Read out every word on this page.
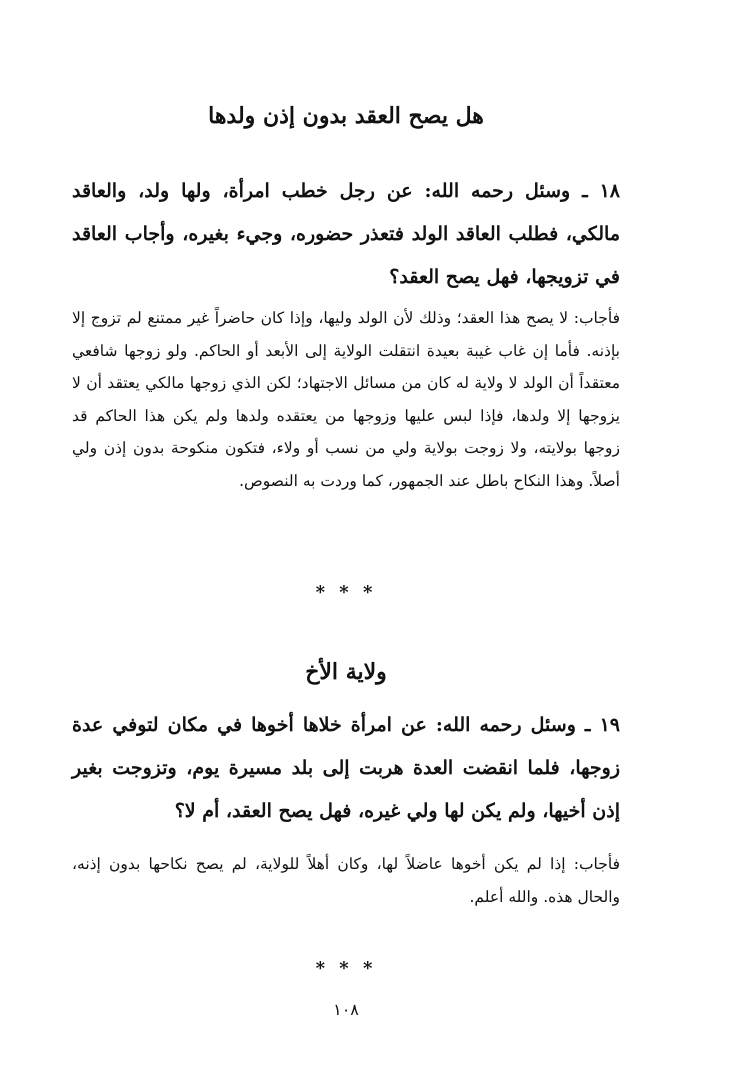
هل يصح العقد بدون إذن ولدها
١٨ ـ وسئل رحمه الله: عن رجل خطب امرأة، ولها ولد، والعاقد مالكي، فطلب العاقد الولد فتعذر حضوره، وجيء بغيره، وأجاب العاقد في تزويجها، فهل يصح العقد؟
فأجاب: لا يصح هذا العقد؛ وذلك لأن الولد وليها، وإذا كان حاضراً غير ممتنع لم تزوج إلا بإذنه. فأما إن غاب غيبة بعيدة انتقلت الولاية إلى الأبعد أو الحاكم. ولو زوجها شافعي معتقداً أن الولد لا ولاية له كان من مسائل الاجتهاد؛ لكن الذي زوجها مالكي يعتقد أن لا يزوجها إلا ولدها، فإذا لبس عليها وزوجها من يعتقده ولدها ولم يكن هذا الحاكم قد زوجها بولايته، ولا زوجت بولاية ولي من نسب أو ولاء، فتكون منكوحة بدون إذن ولي أصلاً. وهذا النكاح باطل عند الجمهور، كما وردت به النصوص.
* * *
ولاية الأخ
١٩ ـ وسئل رحمه الله: عن امرأة خلاها أخوها في مكان لتوفي عدة زوجها، فلما انقضت العدة هربت إلى بلد مسيرة يوم، وتزوجت بغير إذن أخيها، ولم يكن لها ولي غيره، فهل يصح العقد، أم لا؟
فأجاب: إذا لم يكن أخوها عاضلاً لها، وكان أهلاً للولاية، لم يصح نكاحها بدون إذنه، والحال هذه. والله أعلم.
* * *
١٠٨
